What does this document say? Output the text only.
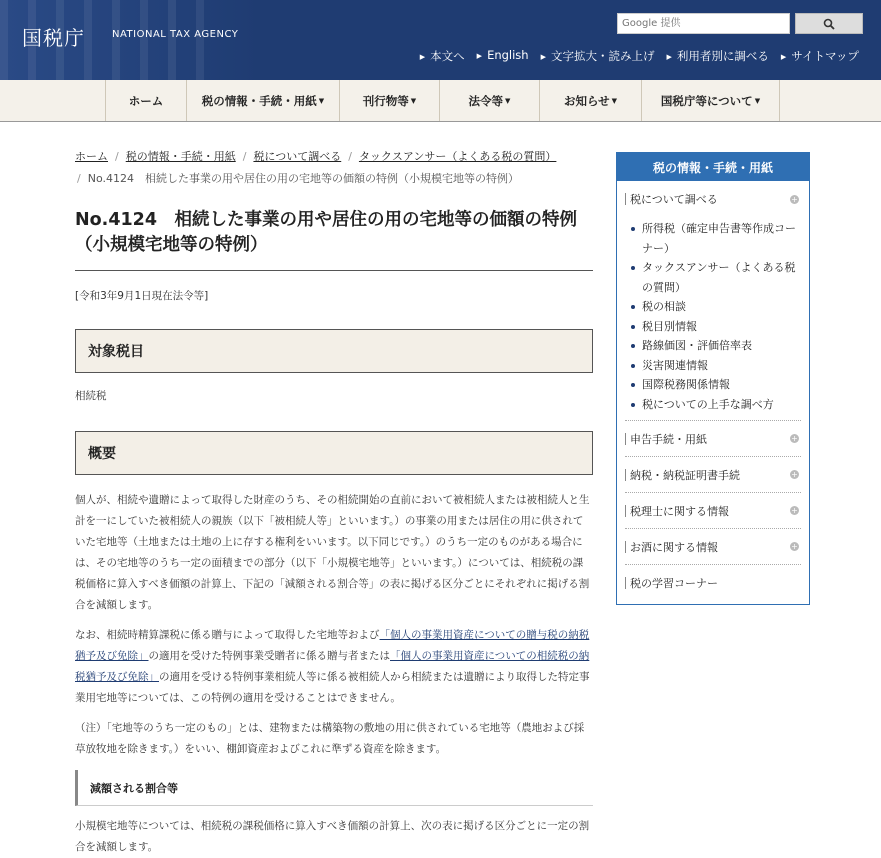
国税庁	NATIONAL TAX AGENCY
Google 提供
▶ 本文へ	▶ English	▶ 文字拡大・読み上げ	▶ 利用者別に調べる	▶ サイトマップ
ホーム	税の情報・手続・用紙 ▼	刊行物等 ▼	法令等 ▼	お知らせ ▼	国税庁等について ▼
ホーム / 税の情報・手続・用紙 / 税について調べる / タックスアンサー（よくある税の質問）
/ No.4124　相続した事業の用や居住の用の宅地等の価額の特例（小規模宅地等の特例）
No.4124　相続した事業の用や居住の用の宅地等の価額の特例（小規模宅地等の特例）
[令和3年9月1日現在法令等]
対象税目
相続税
概要

個人が、相続や遺贈によって取得した財産のうち、その相続開始の直前において被相続人または被相続人と生計を一にしていた被相続人の親族（以下「被相続人等」といいます。）の事業の用または居住の用に供されていた宅地等（土地または土地の上に存する権利をいいます。以下同じです。）のうち一定のものがある場合には、その宅地等のうち一定の面積までの部分（以下「小規模宅地等」といいます。）については、相続税の課税価格に算入すべき価額の計算上、下記の「減額される割合等」の表に掲げる区分ごとにそれぞれに掲げる割合を減額します。

なお、相続時精算課税に係る贈与によって取得した宅地等および「個人の事業用資産についての贈与税の納税猶予及び免除」の適用を受けた特例事業受贈者に係る贈与者または「個人の事業用資産についての相続税の納税猶予及び免除」の適用を受ける特例事業相続人等に係る被相続人から相続または遺贈により取得した特定事業用宅地等については、この特例の適用を受けることはできません。

（注）「宅地等のうち一定のもの」とは、建物または構築物の敷地の用に供されている宅地等（農地および採草放牧地を除きます。）をいい、棚卸資産およびこれに準ずる資産を除きます。

減額される割合等

小規模宅地等については、相続税の課税価格に算入すべき価額の計算上、次の表に掲げる区分ごとに一定の割合を減額します。

税の情報・手続・用紙
税について調べる	+
所得税（確定申告書等作成コーナー）
タックスアンサー（よくある税の質問）
税の相談
税目別情報
路線価図・評価倍率表
災害関連情報
国際税務関係情報
税についての上手な調べ方
申告手続・用紙	+
納税・納税証明書手続	+
税理士に関する情報	+
お酒に関する情報	+
税の学習コーナー
